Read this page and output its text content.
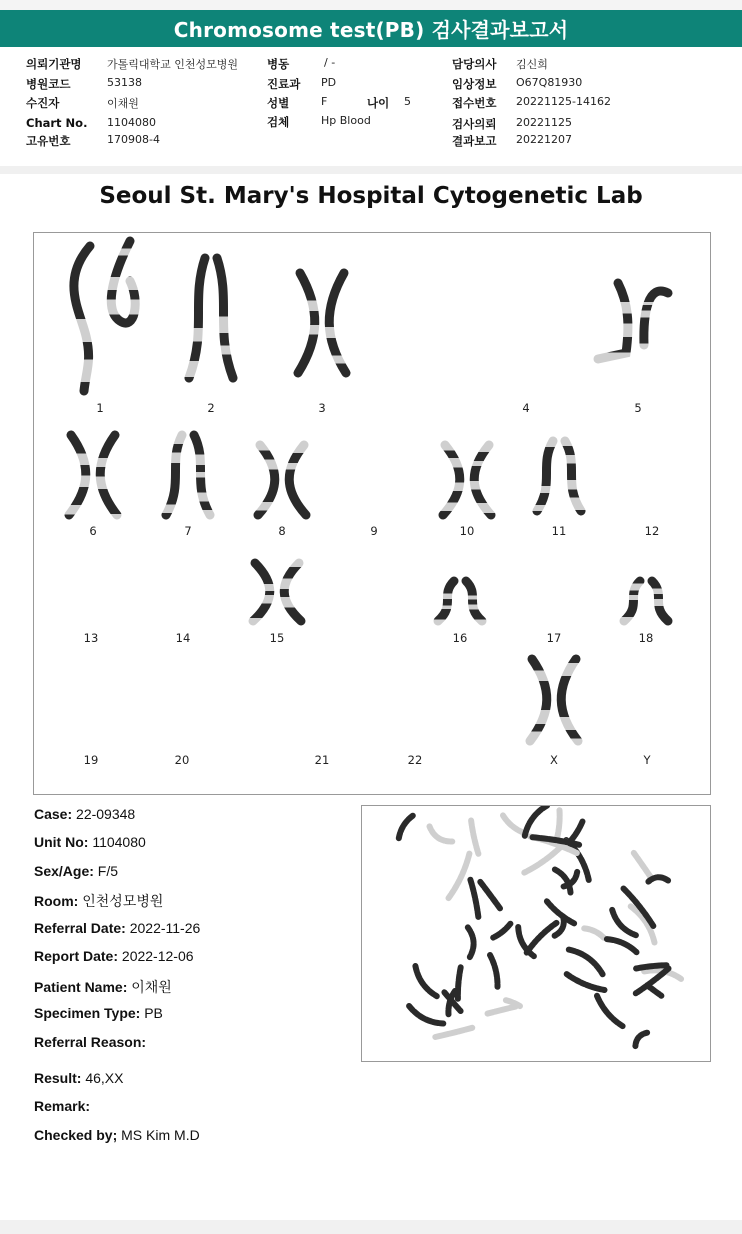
Chromosome test(PB) 검사결과보고서
의뢰기관명 가톨릭대학교 인천성모병원
병원코드	53138
수진자	이채원
Chart No. 1104080
고유번호	170908-4
병동	/ -
진료과 PD
성별	F	나이 5
검체	Hp Blood
담당의사 김신희
임상정보 O67Q81930
접수번호 20221125-14162
검사의뢰 20221125
결과보고 20221207
Seoul St. Mary's Hospital Cytogenetic Lab
1	2	3	4	5
6	7	8	9	10	11	12
13	14	15	16	17	18
19	20	21	22	X	Y
Case: 22-09348
Unit No: 1104080
Sex/Age: F/5
Room: 인천성모병원
Referral Date: 2022-11-26
Report Date: 2022-12-06
Patient Name: 이채원
Specimen Type: PB
Referral Reason:
Result: 46,XX
Remark:
Checked by; MS Kim M.D
